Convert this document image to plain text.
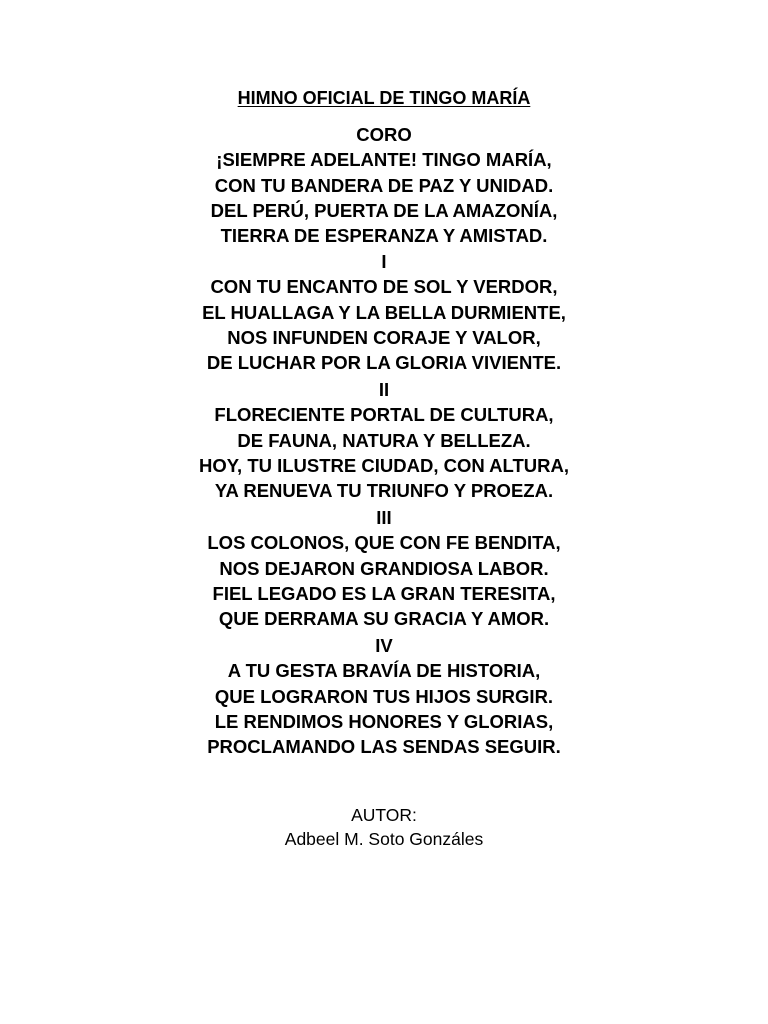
HIMNO OFICIAL DE TINGO MARÍA
CORO
¡SIEMPRE ADELANTE! TINGO MARÍA,
CON TU BANDERA DE PAZ Y UNIDAD.
DEL PERÚ, PUERTA DE LA AMAZONÍA,
TIERRA DE ESPERANZA Y AMISTAD.
I
CON TU ENCANTO DE SOL Y VERDOR,
EL HUALLAGA Y LA BELLA DURMIENTE,
NOS INFUNDEN CORAJE Y VALOR,
DE LUCHAR POR LA GLORIA VIVIENTE.
II
FLORECIENTE PORTAL DE CULTURA,
DE FAUNA, NATURA Y BELLEZA.
HOY, TU ILUSTRE CIUDAD, CON ALTURA,
YA RENUEVA TU TRIUNFO Y PROEZA.
III
LOS COLONOS, QUE CON FE BENDITA,
NOS DEJARON GRANDIOSA LABOR.
FIEL LEGADO ES LA GRAN TERESITA,
QUE DERRAMA SU GRACIA Y AMOR.
IV
A TU GESTA BRAVÍA DE HISTORIA,
QUE LOGRARON TUS HIJOS SURGIR.
LE RENDIMOS HONORES Y GLORIAS,
PROCLAMANDO LAS SENDAS SEGUIR.
AUTOR:
Adbeel M. Soto Gonzáles
